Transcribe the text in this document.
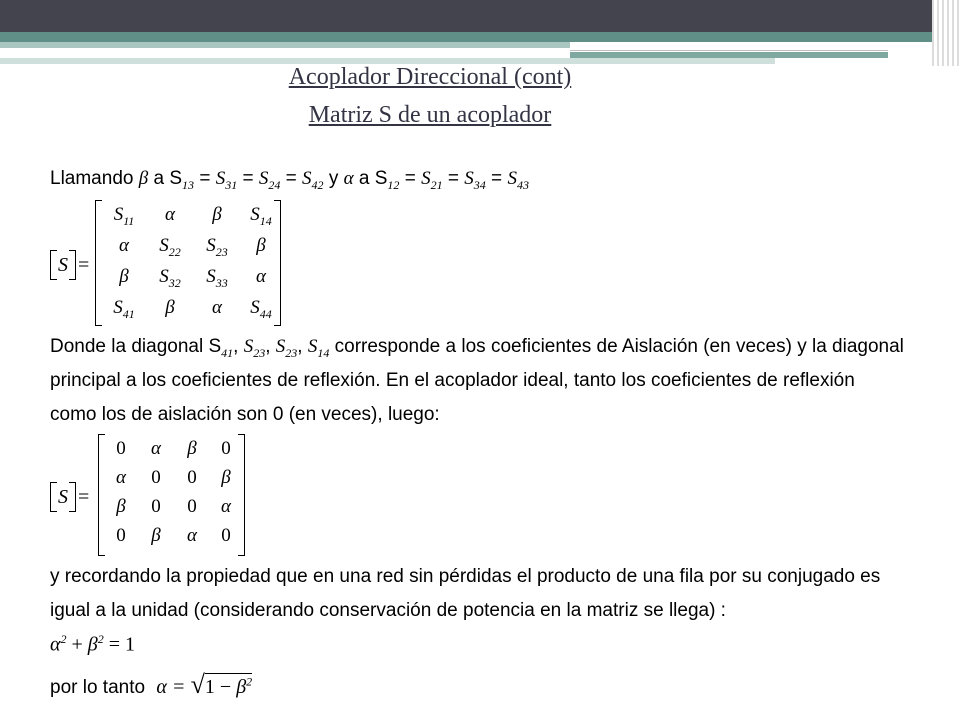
Acoplador Direccional (cont)
Matriz S de un acoplador
Llamando β a $S_{13} = S_{31} = S_{24} = S_{42}$ y α a $S_{12} = S_{21} = S_{34} = S_{43}$
S =
$S_{11}$	α	β	$S_{14}$
α	$S_{22}$	$S_{23}$	β
β	$S_{32}$	$S_{33}$	α
$S_{41}$	β	α	$S_{44}$
Donde la diagonal $S_{41}$, $S_{23}$, $S_{23}$, $S_{14}$ corresponde a los coeficientes de Aislación (en veces) y la diagonal
principal a los coeficientes de reflexión. En el acoplador ideal, tanto los coeficientes de reflexión
como los de aislación son 0 (en veces), luego:
S =
0	α	β	0
α	0	0	β
β	0	0	α
0	β	α	0
y recordando la propiedad que en una red sin pérdidas el producto de una fila por su conjugado es
igual a la unidad (considerando conservación de potencia en la matriz se llega) :
$\alpha^2 + \beta^2 = 1$
por lo tanto $\alpha = √1 - \beta^2$
